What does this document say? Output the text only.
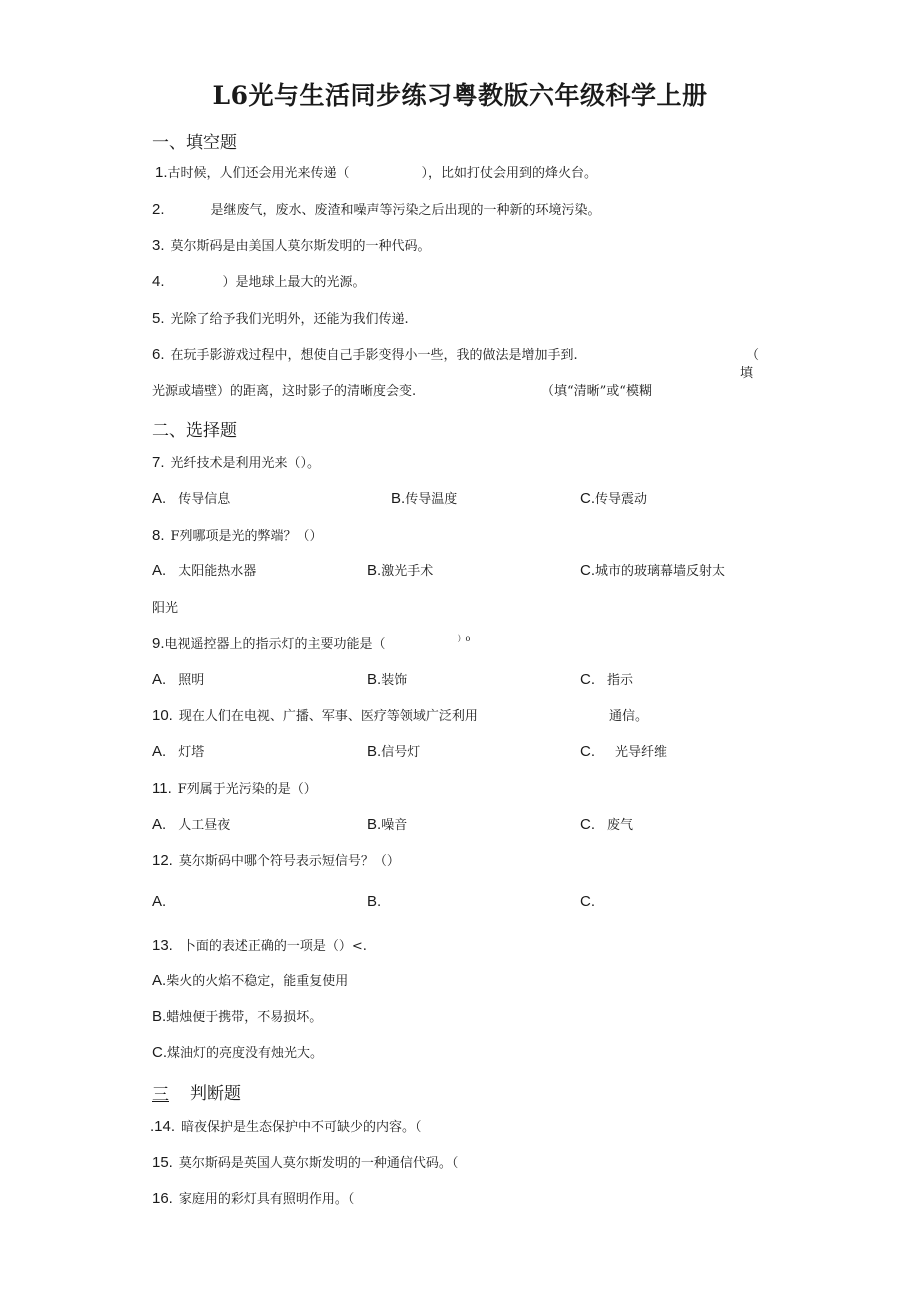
L6光与生活同步练习粤教版六年级科学上册
一、填空题
1.古时候，人们还会用光来传递（	），比如打仗会用到的烽火台。
2.	是继废气，废水、废渣和噪声等污染之后出现的一种新的环境污染。
3. 莫尔斯码是由美国人莫尔斯发明的一种代码。
4.	）是地球上最大的光源。
5. 光除了给予我们光明外，还能为我们传递.
6. 在玩手影游戏过程中，想使自己手影变得小一些，我的做法是增加手到.	（
填
光源或墙壁）的距离，这时影子的清晰度会变.	（填“清晰”或“模糊
二、选择题
7. 光纤技术是利用光来（）。
A. 传导信息	B.传导温度	C.传导震动
8. F列哪项是光的弊端？（）
A. 太阳能热水器	B.激光手术	C.城市的玻璃幕墙反射太
阳光
9.电视遥控器上的指示灯的主要功能是（	$^{)o}$
A. 照明	B.装饰	C. 指示
10. 现在人们在电视、广播、军事、医疗等领域广泛利用	通信。
A. 灯塔	B.信号灯	C. 光导纤维
11. F列属于光污染的是（）
A. 人工昼夜	B.噪音	C. 废气
12. 莫尔斯码中哪个符号表示短信号？（）
A.	B.	C.
13. 卜面的表述正确的一项是（）<.
A.柴火的火焰不稳定，能重复使用
B.蜡烛便于携带，不易损坏。
C.煤油灯的亮度没有烛光大。
三 判断题
.14. 暗夜保护是生态保护中不可缺少的内容。（
15. 莫尔斯码是英国人莫尔斯发明的一种通信代码。（
16. 家庭用的彩灯具有照明作用。（
